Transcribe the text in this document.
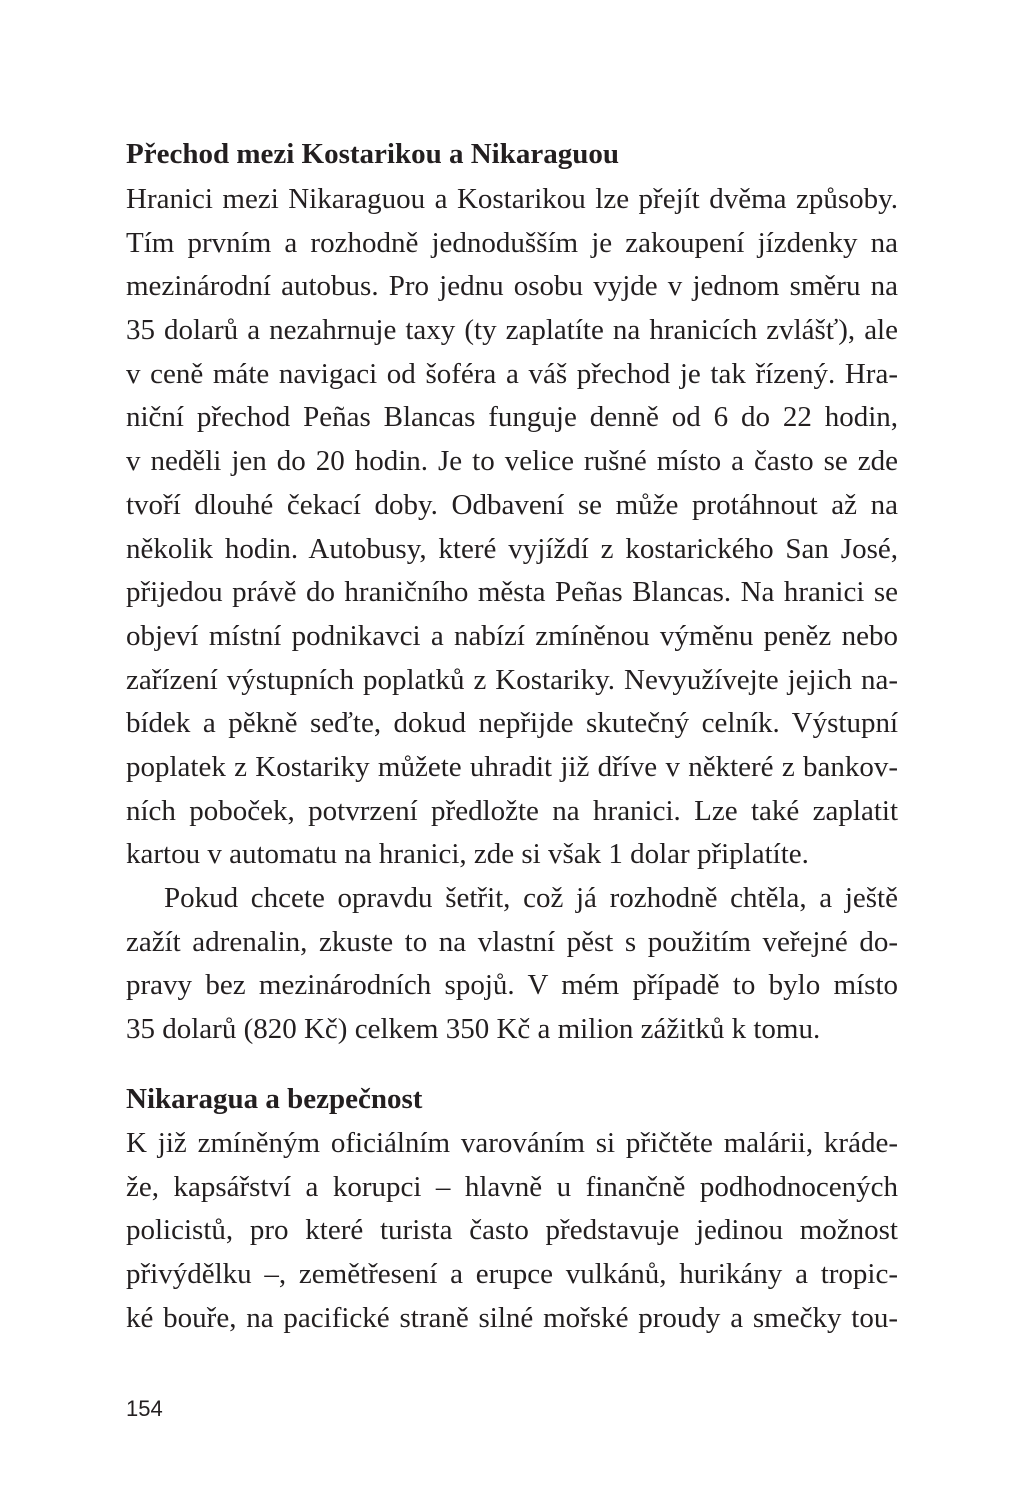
Přechod mezi Kostarikou a Nikaraguou
Hranici mezi Nikaraguou a Kostarikou lze přejít dvěma způsoby.
Tím prvním a rozhodně jednodušším je zakoupení jízdenky na
mezinárodní autobus. Pro jednu osobu vyjde v jednom směru na
35 dolarů a nezahrnuje taxy (ty zaplatíte na hranicích zvlášť), ale
v ceně máte navigaci od šoféra a váš přechod je tak řízený. Hra-
niční přechod Peñas Blancas funguje denně od 6 do 22 hodin,
v neděli jen do 20 hodin. Je to velice rušné místo a často se zde
tvoří dlouhé čekací doby. Odbavení se může protáhnout až na
několik hodin. Autobusy, které vyjíždí z kostarického San José,
přijedou právě do hraničního města Peñas Blancas. Na hranici se
objeví místní podnikavci a nabízí zmíněnou výměnu peněz nebo
zařízení výstupních poplatků z Kostariky. Nevyužívejte jejich na-
bídek a pěkně seďte, dokud nepřijde skutečný celník. Výstupní
poplatek z Kostariky můžete uhradit již dříve v některé z bankov-
ních poboček, potvrzení předložte na hranici. Lze také zaplatit
kartou v automatu na hranici, zde si však 1 dolar připlatíte.
Pokud chcete opravdu šetřit, což já rozhodně chtěla, a ještě
zažít adrenalin, zkuste to na vlastní pěst s použitím veřejné do-
pravy bez mezinárodních spojů. V mém případě to bylo místo
35 dolarů (820 Kč) celkem 350 Kč a milion zážitků k tomu.
Nikaragua a bezpečnost
K již zmíněným oficiálním varováním si přičtěte malárii, kráde-
že, kapsářství a korupci – hlavně u finančně podhodnocených
policistů, pro které turista často představuje jedinou možnost
přivýdělku –, zemětřesení a erupce vulkánů, hurikány a tropic-
ké bouře, na pacifické straně silné mořské proudy a smečky tou-
154
